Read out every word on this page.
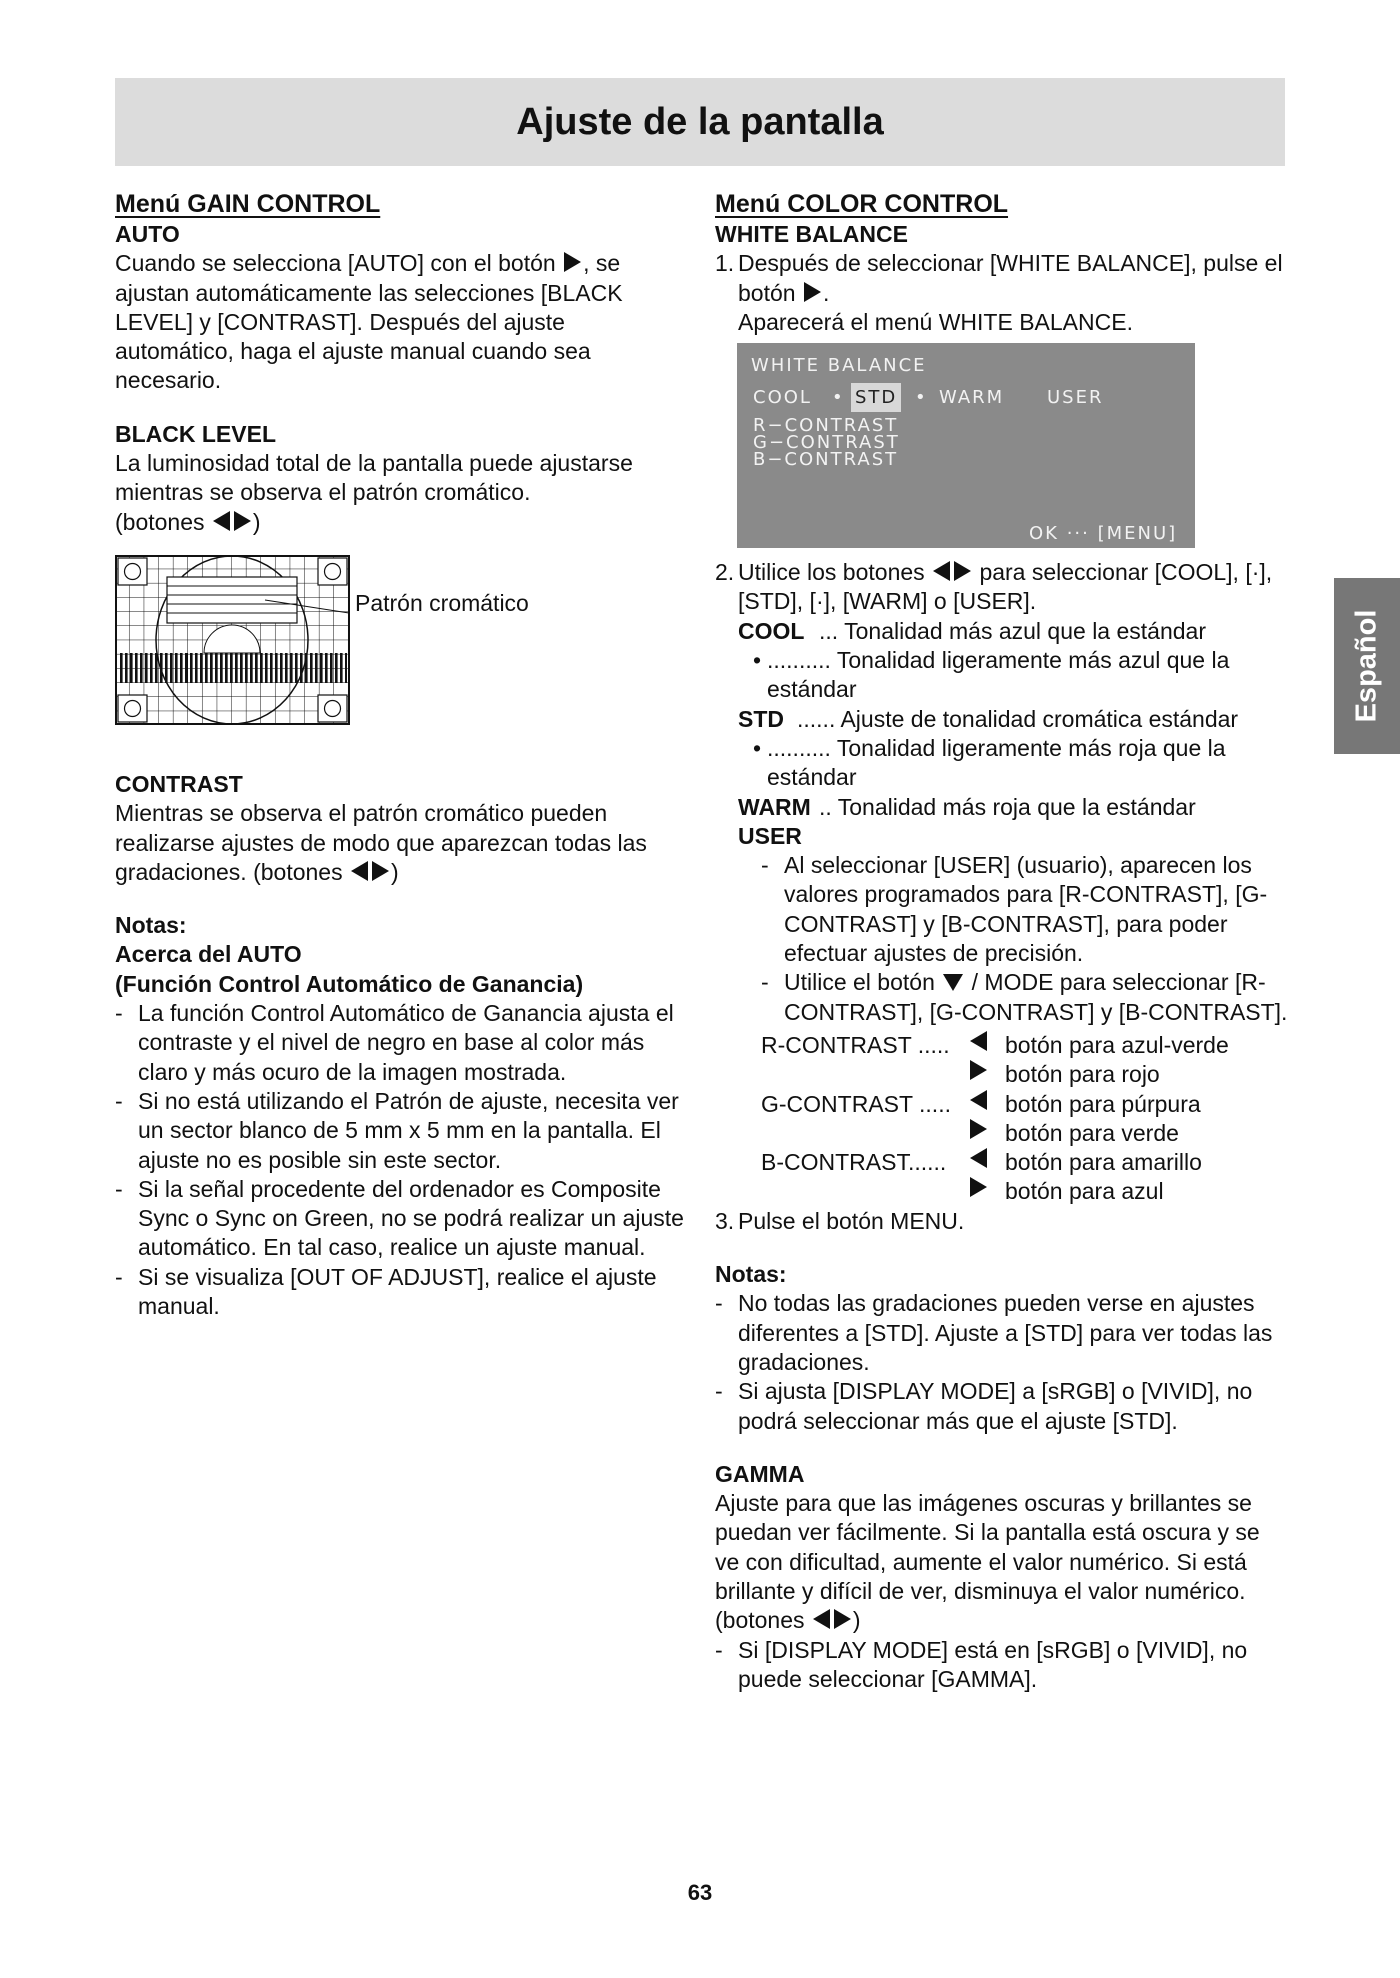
Ajuste de la pantalla

Menú GAIN CONTROL

AUTO

Cuando se selecciona [AUTO] con el botón , se ajustan automáticamente las selecciones [BLACK LEVEL] y [CONTRAST]. Después del ajuste automático, haga el ajuste manual cuando sea necesario.

BLACK LEVEL

La luminosidad total de la pantalla puede ajustarse mientras se observa el patrón cromático.

(botones )

Patrón cromático

CONTRAST

Mientras se observa el patrón cromático pueden realizarse ajustes de modo que aparezcan todas las gradaciones. (botones )

Notas:

Acerca del AUTO

(Función Control Automático de Ganancia)

- La función Control Automático de Ganancia ajusta el contraste y el nivel de negro en base al color más claro y más ocuro de la imagen mostrada.

- Si no está utilizando el Patrón de ajuste, necesita ver un sector blanco de 5 mm x 5 mm en la pantalla. El ajuste no es posible sin este sector.

- Si la señal procedente del ordenador es Composite Sync o Sync on Green, no se podrá realizar un ajuste automático. En tal caso, realice un ajuste manual.

- Si se visualiza [OUT OF ADJUST], realice el ajuste manual.

Menú COLOR CONTROL

WHITE BALANCE

1. Después de seleccionar [WHITE BALANCE], pulse el botón .
Aparecerá el menú WHITE BALANCE.

WHITE BALANCE
COOL • STD • WARM USER
R−CONTRAST
G−CONTRAST
B−CONTRAST
OK ··· [MENU]

2. Utilice los botones para seleccionar [COOL], [·], [STD], [·], [WARM] o [USER].

COOL ... Tonalidad más azul que la estándar

• .......... Tonalidad ligeramente más azul que la estándar

STD ...... Ajuste de tonalidad cromática estándar

• .......... Tonalidad ligeramente más roja que la estándar

WARM .. Tonalidad más roja que la estándar

USER

- Al seleccionar [USER] (usuario), aparecen los valores programados para [R-CONTRAST], [G-CONTRAST] y [B-CONTRAST], para poder efectuar ajustes de precisión.

- Utilice el botón / MODE para seleccionar [R-CONTRAST], [G-CONTRAST] y [B-CONTRAST].

R-CONTRAST ..... botón para azul-verde
botón para rojo
G-CONTRAST ..... botón para púrpura
botón para verde
B-CONTRAST......	botón para amarillo
botón para azul

3. Pulse el botón MENU.

Notas:

- No todas las gradaciones pueden verse en ajustes diferentes a [STD]. Ajuste a [STD] para ver todas las gradaciones.

- Si ajusta [DISPLAY MODE] a [sRGB] o [VIVID], no podrá seleccionar más que el ajuste [STD].

GAMMA

Ajuste para que las imágenes oscuras y brillantes se puedan ver fácilmente. Si la pantalla está oscura y se ve con dificultad, aumente el valor numérico. Si está brillante y difícil de ver, disminuya el valor numérico. (botones )

- Si [DISPLAY MODE] está en [sRGB] o [VIVID], no puede seleccionar [GAMMA].

Español
63
